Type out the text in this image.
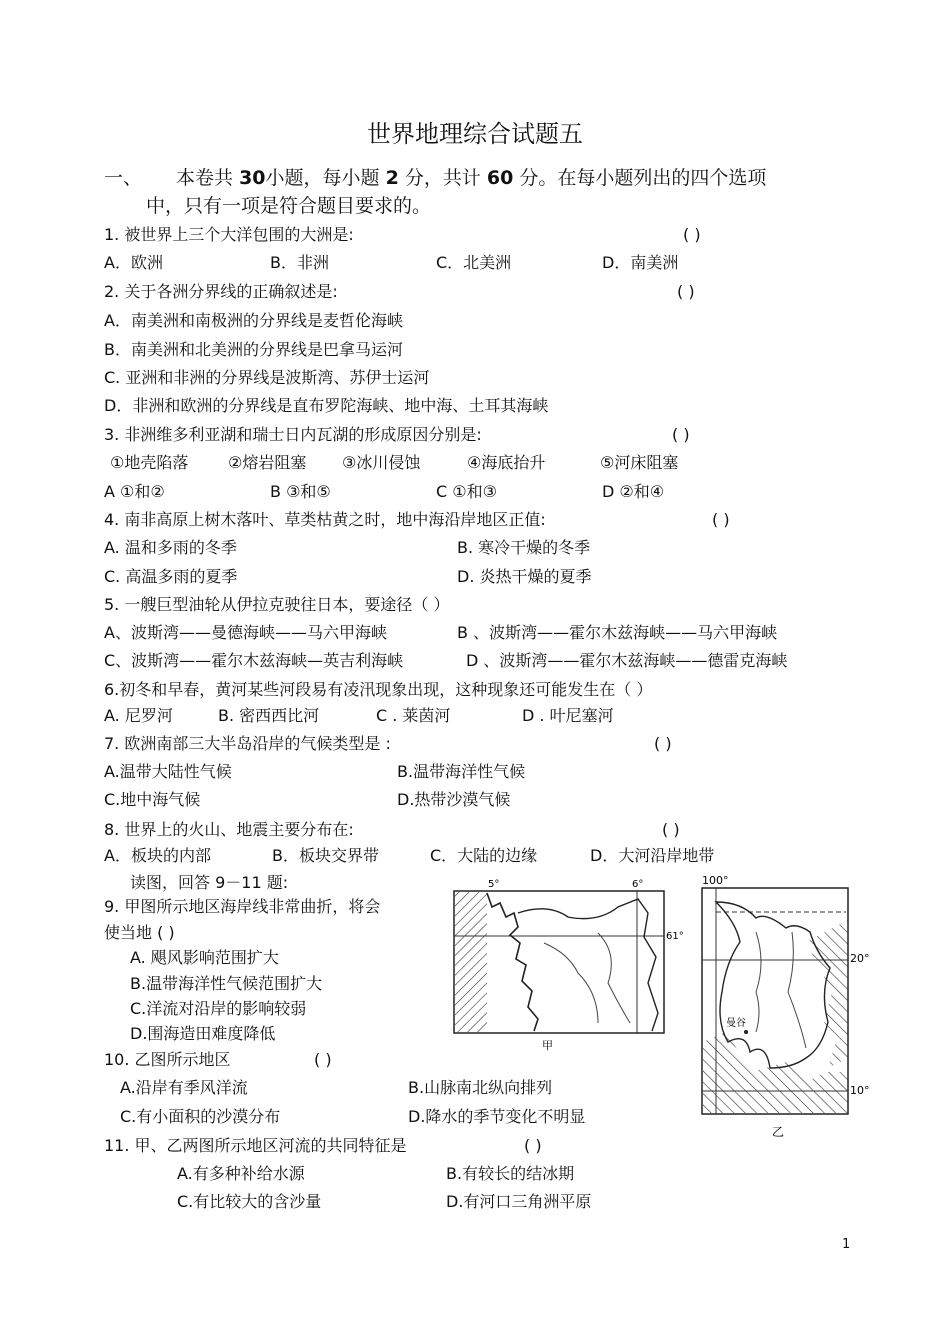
世界地理综合试题五
一、 本卷共 30小题，每小题 2 分，共计 60 分。在每小题列出的四个选项
中，只有一项是符合题目要求的。
1. 被世界上三个大洋包围的大洲是:	( )
A．欧洲	B．非洲	C．北美洲	D．南美洲
2. 关于各洲分界线的正确叙述是:	( )
A．南美洲和南极洲的分界线是麦哲伦海峡
B．南美洲和北美洲的分界线是巴拿马运河
C. 亚洲和非洲的分界线是波斯湾、苏伊士运河
D．非洲和欧洲的分界线是直布罗陀海峡、地中海、土耳其海峡
3. 非洲维多利亚湖和瑞士日内瓦湖的形成原因分别是:	( )
①地壳陷落 ②熔岩阻塞 ③冰川侵蚀	④海底抬升	⑤河床阻塞
A ①和②	B ③和⑤	C ①和③	D ②和④
4. 南非高原上树木落叶、草类枯黄之时，地中海沿岸地区正值:	( )
A. 温和多雨的冬季	B. 寒冷干燥的冬季
C. 高温多雨的夏季	D. 炎热干燥的夏季
5. 一艘巨型油轮从伊拉克驶往日本，要途径（ ）
A、波斯湾——曼德海峡——马六甲海峡	B 、波斯湾——霍尔木兹海峡——马六甲海峡
C、波斯湾——霍尔木兹海峡—英吉利海峡	D 、波斯湾——霍尔木兹海峡——德雷克海峡
6.初冬和早春，黄河某些河段易有凌汛现象出现，这种现象还可能发生在（ ）
A. 尼罗河	B. 密西西比河	C . 莱茵河	D . 叶尼塞河
7. 欧洲南部三大半岛沿岸的气候类型是 :	( )
A.温带大陆性气候	B.温带海洋性气候
C.地中海气候	D.热带沙漠气候
8. 世界上的火山、地震主要分布在:	( )
A．板块的内部	B．板块交界带	C．大陆的边缘	D．大河沿岸地带
读图，回答 9－11 题:
9. 甲图所示地区海岸线非常曲折，将会
使当地 ( )
A. 飓风影响范围扩大
B.温带海洋性气候范围扩大
C.洋流对沿岸的影响较弱
D.围海造田难度降低
10. 乙图所示地区	( )
A.沿岸有季风洋流	B.山脉南北纵向排列
C.有小面积的沙漠分布	D.降水的季节变化不明显
11. 甲、乙两图所示地区河流的共同特征是	( )
A.有多种补给水源	B.有较长的结冰期
C.有比较大的含沙量	D.有河口三角洲平原
5°	6°
61°
甲
100°
20°
10°
曼谷
乙
1
